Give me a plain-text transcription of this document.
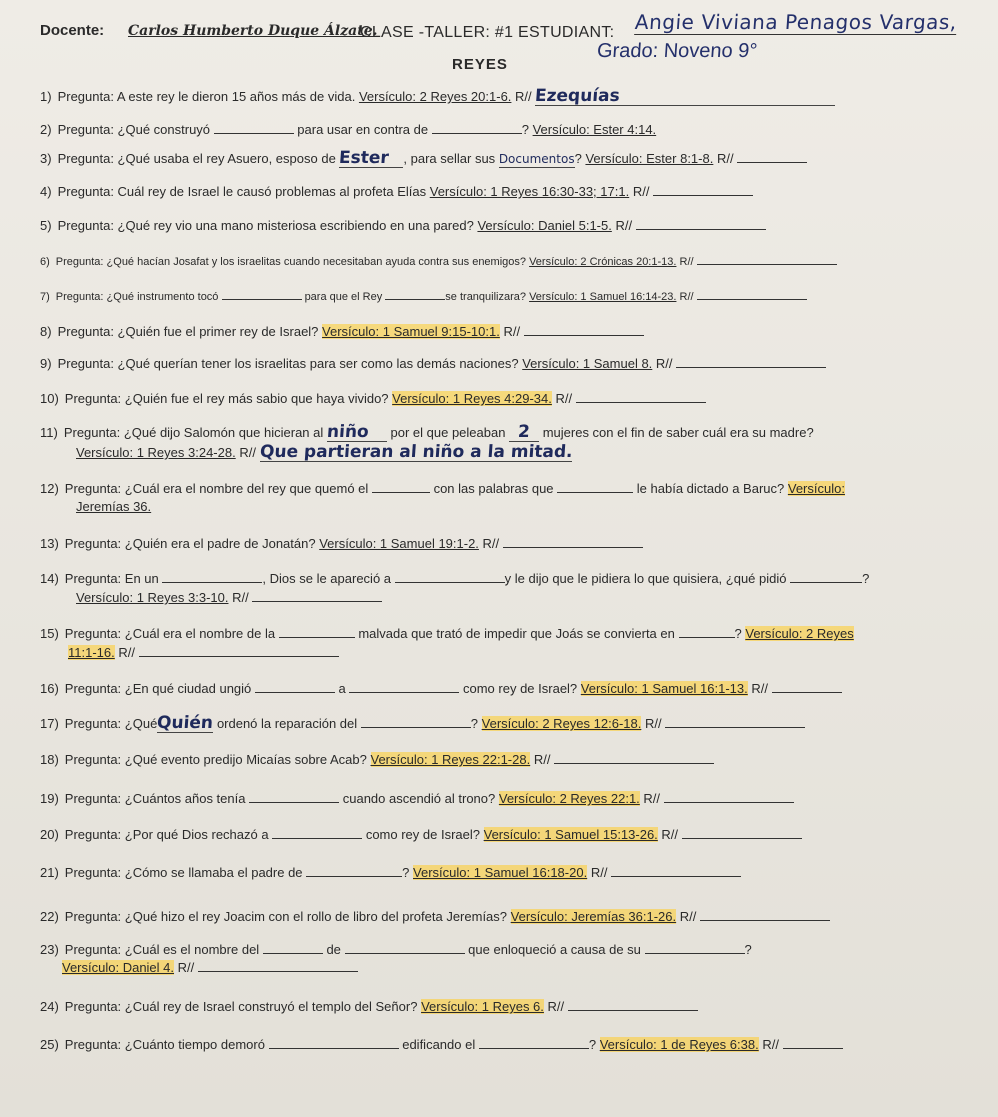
Docente: Carlos Humberto Duque Álzate.
CLASE -TALLER: #1 ESTUDIANT: Angie Viviana Penagos Vargas,
REYES
Grado: Noveno 9°
1) Pregunta: A este rey le dieron 15 años más de vida. Versículo: 2 Reyes 20:1-6. R// Ezequías
2) Pregunta: ¿Qué construyó	para usar en contra de	? Versículo: Ester 4:14.
3) Pregunta: ¿Qué usaba el rey Asuero, esposo de Ester , para sellar sus Documentos? Versículo: Ester 8:1-8. R//
4) Pregunta: Cuál rey de Israel le causó problemas al profeta Elías Versículo: 1 Reyes 16:30-33; 17:1. R//
5) Pregunta: ¿Qué rey vio una mano misteriosa escribiendo en una pared? Versículo: Daniel 5:1-5. R//
6) Pregunta: ¿Qué hacían Josafat y los israelitas cuando necesitaban ayuda contra sus enemigos? Versículo: 2 Crónicas 20:1-13. R//
7) Pregunta: ¿Qué instrumento tocó	para que el Rey	se tranquilizara? Versículo: 1 Samuel 16:14-23. R//
8) Pregunta: ¿Quién fue el primer rey de Israel? Versículo: 1 Samuel 9:15-10:1. R//
9) Pregunta: ¿Qué querían tener los israelitas para ser como las demás naciones? Versículo: 1 Samuel 8. R//
10) Pregunta: ¿Quién fue el rey más sabio que haya vivido? Versículo: 1 Reyes 4:29-34. R//
11) Pregunta: ¿Qué dijo Salomón que hicieran al niño por el que peleaban 2 mujeres con el fin de saber cuál era su madre?
Versículo: 1 Reyes 3:24-28. R// Que partieran al niño a la mitad.
12) Pregunta: ¿Cuál era el nombre del rey que quemó el	con las palabras que	le había dictado a Baruc? Versículo:
Jeremías 36.
13) Pregunta: ¿Quién era el padre de Jonatán? Versículo: 1 Samuel 19:1-2. R//
14) Pregunta: En un	, Dios se le apareció a	y le dijo que le pidiera lo que quisiera, ¿qué pidió	?
Versículo: 1 Reyes 3:3-10. R//
15) Pregunta: ¿Cuál era el nombre de la	malvada que trató de impedir que Joás se convierta en	? Versículo: 2 Reyes
11:1-16. R//
16) Pregunta: ¿En qué ciudad ungió	a	como rey de Israel? Versículo: 1 Samuel 16:1-13. R//
17) Pregunta: ¿QuéQuién ordenó la reparación del	? Versículo: 2 Reyes 12:6-18. R//
18) Pregunta: ¿Qué evento predijo Micaías sobre Acab? Versículo: 1 Reyes 22:1-28. R//
19) Pregunta: ¿Cuántos años tenía	cuando ascendió al trono? Versículo: 2 Reyes 22:1. R//
20) Pregunta: ¿Por qué Dios rechazó a	como rey de Israel? Versículo: 1 Samuel 15:13-26. R//
21) Pregunta: ¿Cómo se llamaba el padre de	? Versículo: 1 Samuel 16:18-20. R//
22) Pregunta: ¿Qué hizo el rey Joacim con el rollo de libro del profeta Jeremías? Versículo: Jeremías 36:1-26. R//
23) Pregunta: ¿Cuál es el nombre del	de	que enloqueció a causa de su	?
Versículo: Daniel 4. R//
24) Pregunta: ¿Cuál rey de Israel construyó el templo del Señor? Versículo: 1 Reyes 6. R//
25) Pregunta: ¿Cuánto tiempo demoró	edificando el	? Versículo: 1 de Reyes 6:38. R//
